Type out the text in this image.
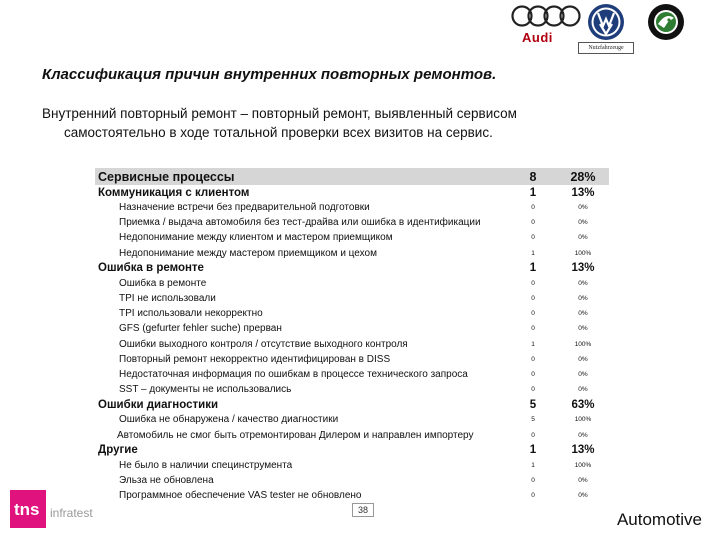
Audi
Nutzfahrzeuge
Классификация причин внутренних повторных ремонтов.
Внутренний повторный ремонт – повторный ремонт, выявленный сервисом
самостоятельно в ходе тотальной проверки всех визитов на сервис.
Сервисные процессы	8	28%
Коммуникация с клиентом	1	13%
Назначение встречи без предварительной подготовки	0	0%
Приемка / выдача автомобиля без тест-драйва или ошибка в идентификации	0	0%
Недопонимание между клиентом и мастером приемщиком	0	0%
Недопонимание между мастером приемщиком и цехом	1	100%
Ошибка в ремонте	1	13%
Ошибка в ремонте	0	0%
TPI не использовали	0	0%
TPI использовали некорректно	0	0%
GFS (gefurter fehler suche) прерван	0	0%
Ошибки выходного контроля / отсутствие выходного контроля	1	100%
Повторный ремонт некорректно идентифицирован в DISS	0	0%
Недостаточная информация по ошибкам в процессе технического запроса	0	0%
SST – документы не использовались	0	0%
Ошибки диагностики	5	63%
Ошибка не обнаружена / качество диагностики	5	100%
Автомобиль не смог быть отремонтирован Дилером и направлен импортеру	0	0%
Другие	1	13%
Не было в наличии специнструмента	1	100%
Эльза не обновлена	0	0%
Программное обеспечение VAS tester не обновлено	0	0%
tns infratest	38	Automotive
